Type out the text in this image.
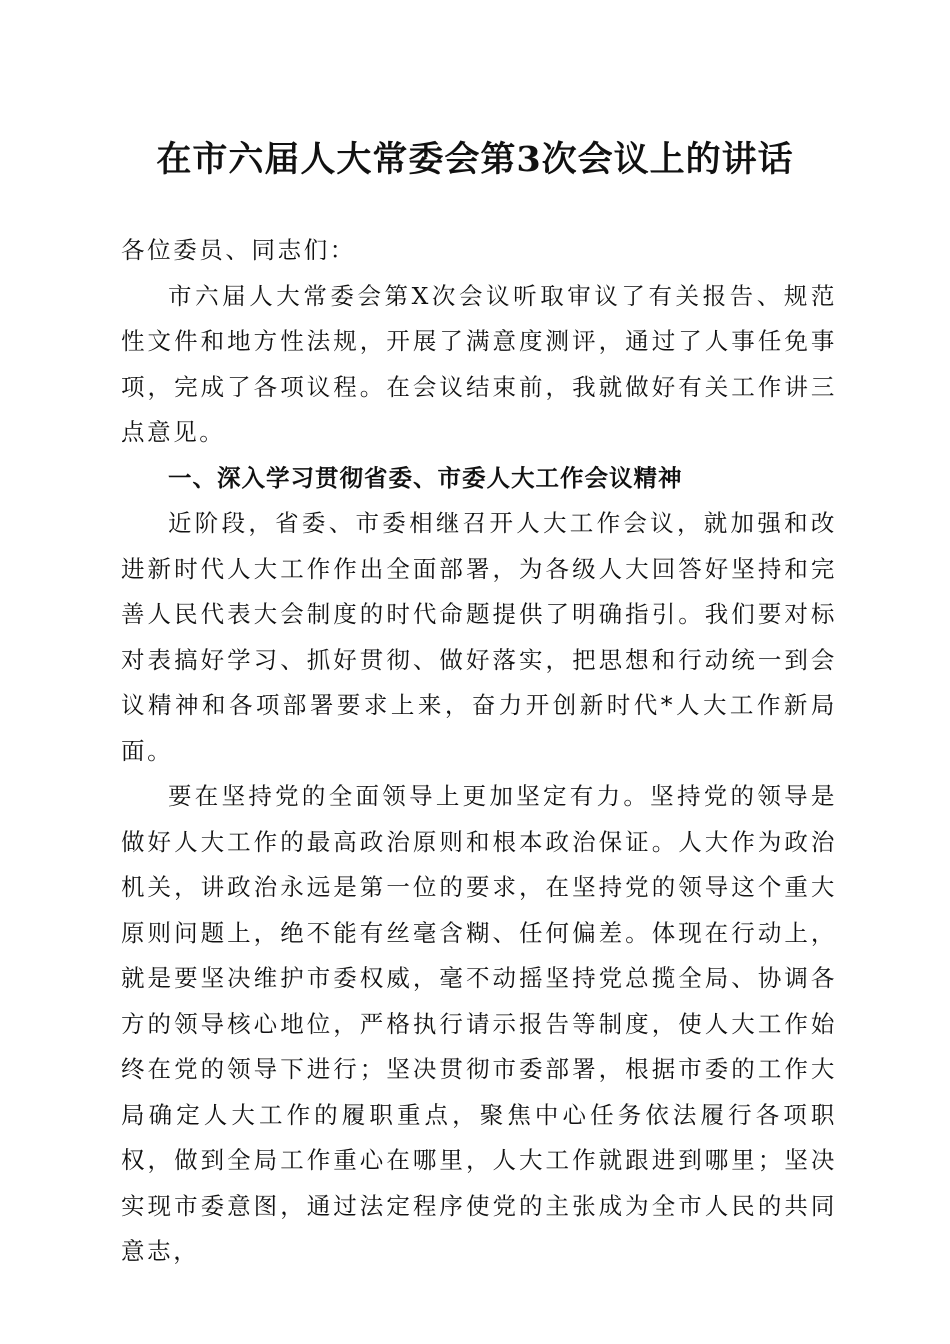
在市六届人大常委会第3次会议上的讲话

各位委员、同志们：

市六届人大常委会第X次会议听取审议了有关报告、规范性文件和地方性法规，开展了满意度测评，通过了人事任免事项，完成了各项议程。在会议结束前，我就做好有关工作讲三点意见。

一、深入学习贯彻省委、市委人大工作会议精神

近阶段，省委、市委相继召开人大工作会议，就加强和改进新时代人大工作作出全面部署，为各级人大回答好坚持和完善人民代表大会制度的时代命题提供了明确指引。我们要对标对表搞好学习、抓好贯彻、做好落实，把思想和行动统一到会议精神和各项部署要求上来，奋力开创新时代*人大工作新局面。

要在坚持党的全面领导上更加坚定有力。坚持党的领导是做好人大工作的最高政治原则和根本政治保证。人大作为政治机关，讲政治永远是第一位的要求，在坚持党的领导这个重大原则问题上，绝不能有丝毫含糊、任何偏差。体现在行动上，就是要坚决维护市委权威，毫不动摇坚持党总揽全局、协调各方的领导核心地位，严格执行请示报告等制度，使人大工作始终在党的领导下进行；坚决贯彻市委部署，根据市委的工作大局确定人大工作的履职重点，聚焦中心任务依法履行各项职权，做到全局工作重心在哪里，人大工作就跟进到哪里；坚决实现市委意图，通过法定程序使党的主张成为全市人民的共同意志，
